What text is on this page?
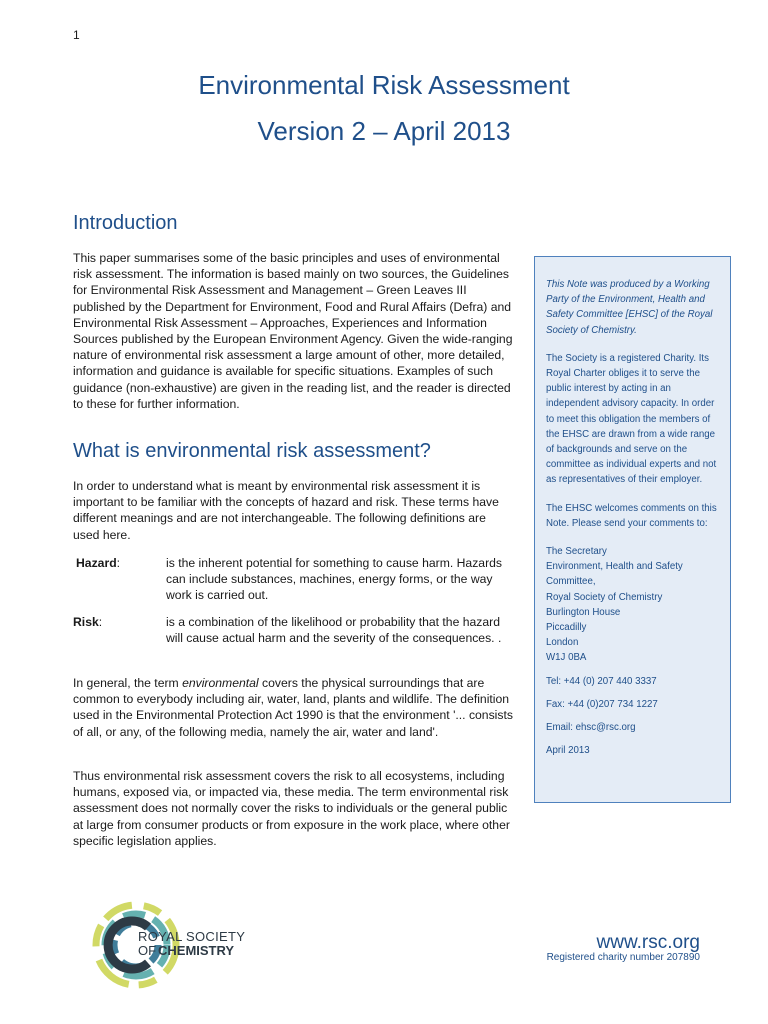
1
Environmental Risk Assessment
Version 2 – April 2013
Introduction

This paper summarises some of the basic principles and uses of environmental risk assessment. The information is based mainly on two sources, the Guidelines for Environmental Risk Assessment and Management – Green Leaves III published by the Department for Environment, Food and Rural Affairs (Defra) and Environmental Risk Assessment – Approaches, Experiences and Information Sources published by the European Environment Agency. Given the wide-ranging nature of environmental risk assessment a large amount of other, more detailed, information and guidance is available for specific situations. Examples of such guidance (non-exhaustive) are given in the reading list, and the reader is directed to these for further information.

What is environmental risk assessment?

In order to understand what is meant by environmental risk assessment it is important to be familiar with the concepts of hazard and risk. These terms have different meanings and are not interchangeable. The following definitions are used here.

Hazard:	is the inherent potential for something to cause harm. Hazards can include substances, machines, energy forms, or the way work is carried out.
Risk:	is a combination of the likelihood or probability that the hazard will cause actual harm and the severity of the consequences. .

In general, the term environmental covers the physical surroundings that are common to everybody including air, water, land, plants and wildlife. The definition used in the Environmental Protection Act 1990 is that the environment '... consists of all, or any, of the following media, namely the air, water and land'.

Thus environmental risk assessment covers the risk to all ecosystems, including humans, exposed via, or impacted via, these media. The term environmental risk assessment does not normally cover the risks to individuals or the general public at large from consumer products or from exposure in the work place, where other specific legislation applies.

This Note was produced by a Working Party of the Environment, Health and Safety Committee [EHSC] of the Royal Society of Chemistry.

The Society is a registered Charity. Its Royal Charter obliges it to serve the public interest by acting in an independent advisory capacity. In order to meet this obligation the members of the EHSC are drawn from a wide range of backgrounds and serve on the committee as individual experts and not as representatives of their employer.

The EHSC welcomes comments on this Note. Please send your comments to:

The Secretary
Environment, Health and Safety Committee,
Royal Society of Chemistry
Burlington House
Piccadilly
London
W1J 0BA

Tel: +44 (0) 207 440 3337

Fax: +44 (0)207 734 1227

Email: ehsc@rsc.org

April 2013

ROYAL SOCIETY
OF CHEMISTRY	www.rsc.org
Registered charity number 207890
